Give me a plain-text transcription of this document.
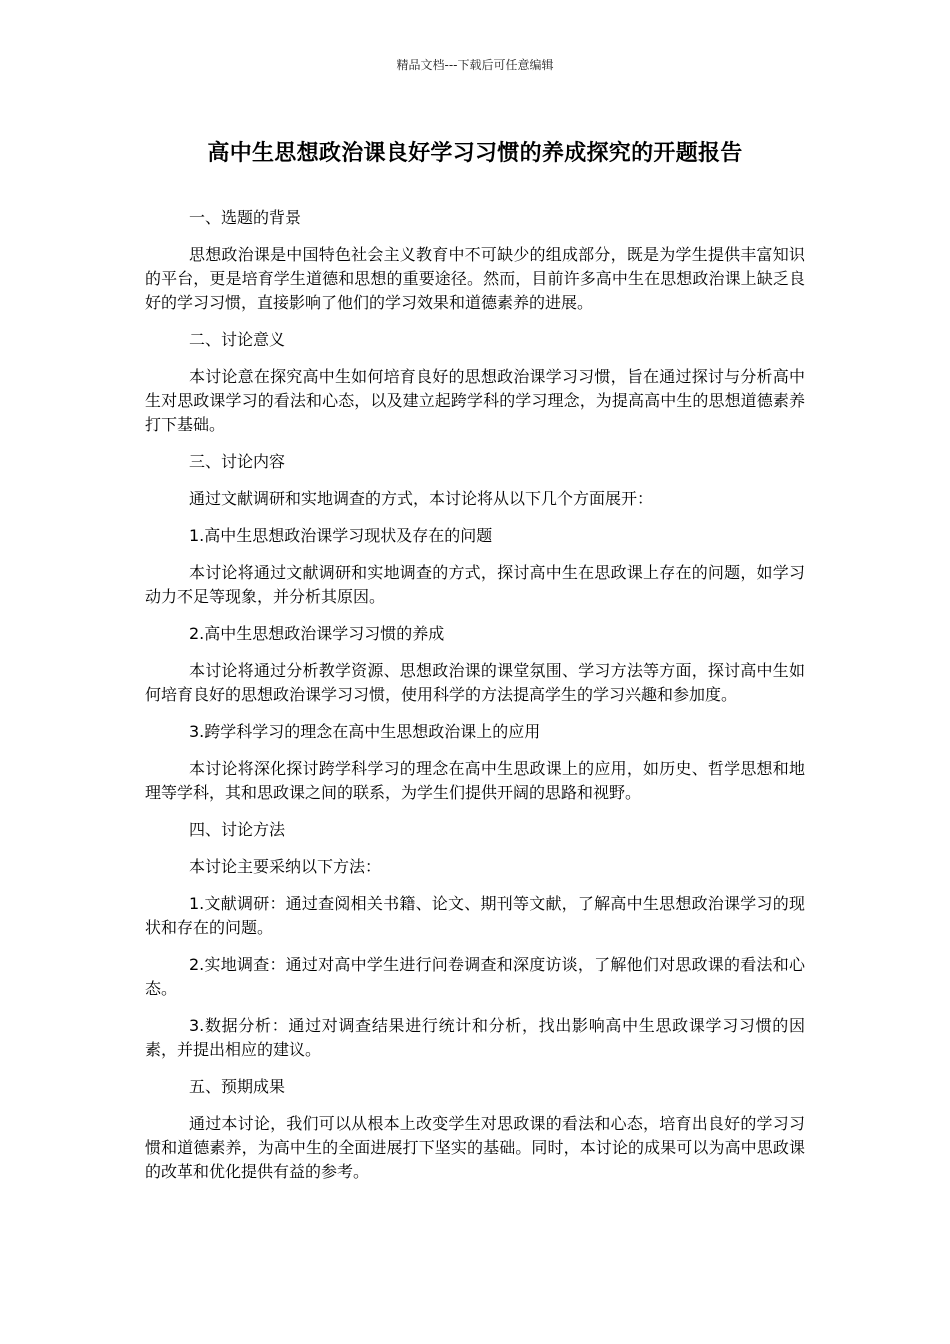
精品文档---下载后可任意编辑
高中生思想政治课良好学习习惯的养成探究的开题报告

一、选题的背景

思想政治课是中国特色社会主义教育中不可缺少的组成部分，既是为学生提供丰富知识的平台，更是培育学生道德和思想的重要途径。然而，目前许多高中生在思想政治课上缺乏良好的学习习惯，直接影响了他们的学习效果和道德素养的进展。

二、讨论意义

本讨论意在探究高中生如何培育良好的思想政治课学习习惯，旨在通过探讨与分析高中生对思政课学习的看法和心态，以及建立起跨学科的学习理念，为提高高中生的思想道德素养打下基础。

三、讨论内容

通过文献调研和实地调查的方式，本讨论将从以下几个方面展开：

1.高中生思想政治课学习现状及存在的问题

本讨论将通过文献调研和实地调查的方式，探讨高中生在思政课上存在的问题，如学习动力不足等现象，并分析其原因。

2.高中生思想政治课学习习惯的养成

本讨论将通过分析教学资源、思想政治课的课堂氛围、学习方法等方面，探讨高中生如何培育良好的思想政治课学习习惯，使用科学的方法提高学生的学习兴趣和参加度。

3.跨学科学习的理念在高中生思想政治课上的应用

本讨论将深化探讨跨学科学习的理念在高中生思政课上的应用，如历史、哲学思想和地理等学科，其和思政课之间的联系，为学生们提供开阔的思路和视野。

四、讨论方法

本讨论主要采纳以下方法：

1.文献调研：通过查阅相关书籍、论文、期刊等文献，了解高中生思想政治课学习的现状和存在的问题。

2.实地调查：通过对高中学生进行问卷调查和深度访谈，了解他们对思政课的看法和心态。

3.数据分析：通过对调查结果进行统计和分析，找出影响高中生思政课学习习惯的因素，并提出相应的建议。

五、预期成果

通过本讨论，我们可以从根本上改变学生对思政课的看法和心态，培育出良好的学习习惯和道德素养，为高中生的全面进展打下坚实的基础。同时，本讨论的成果可以为高中思政课的改革和优化提供有益的参考。
